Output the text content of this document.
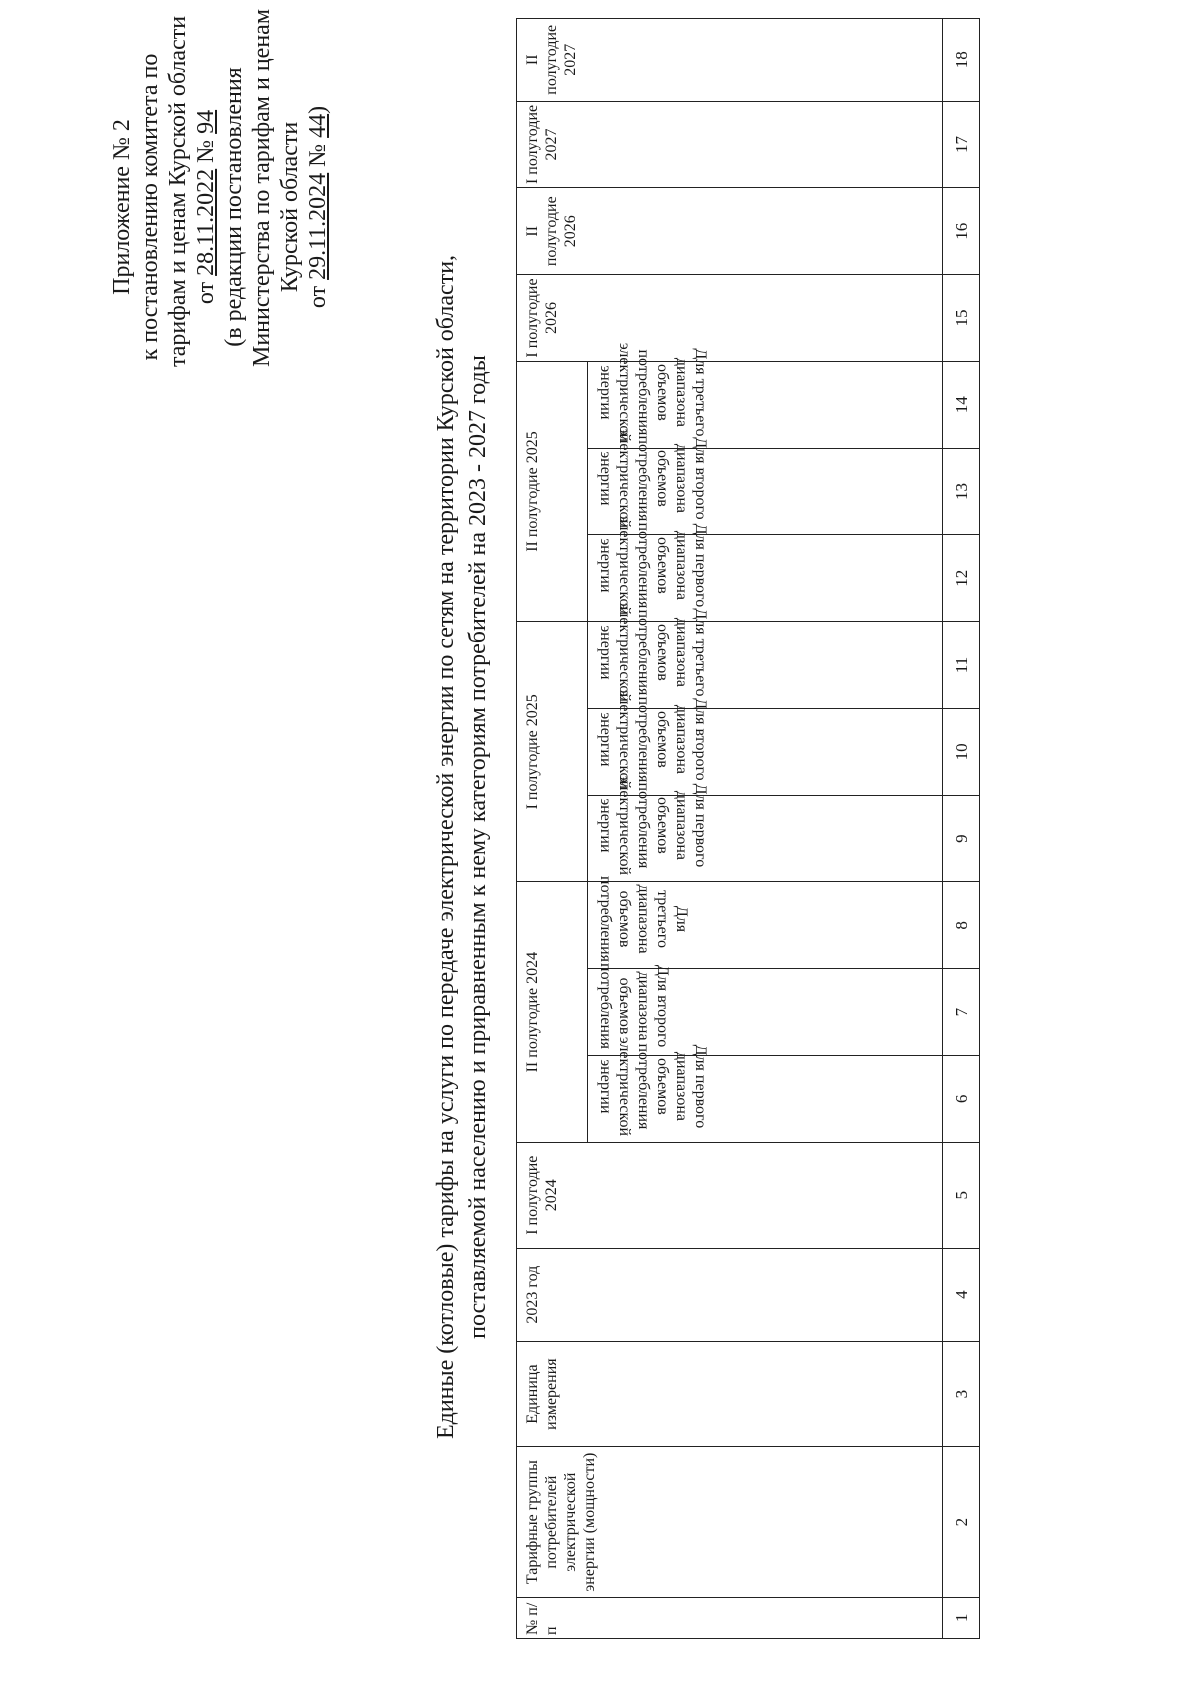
Приложение № 2 к постановлению комитета по тарифам и ценам Курской области от 28.11.2022 № 94 (в редакции постановления Министерства по тарифам и ценам Курской области
от 29.11.2024 № 44)
Единые (котловые) тарифы на услуги по передаче электрической энергии по сетям на территории Курской области, поставляемой населению и приравненным к нему категориям потребителей на 2023 - 2027 годы
№ п/п	Тарифные группы потребителей электрической энергии (мощности)	Единица измерения	2023 год	I полугодие 2024	II полугодие 2024			I полугодие 2025			II полугодие 2025			I полугодие 2026	II полугодие 2026	I полугодие 2027	II полугодие 2027
					Для первого диапазона объемов потребления электрической энергии	Для второго диапазона объемов потребления	Для третьего диапазона объемов потребления	Для первого диапазона объемов потребления электрической энергии	Для второго диапазона объемов потребления электрической энергии	Для третьего диапазона объемов потребления электрической энергии	Для первого диапазона объемов потребления электрической энергии	Для второго диапазона объемов потребления электрической энергии	Для третьего диапазона объемов потребления электрической энергии				
1	2	3	4	5	6	7	8	9	10	11	12	13	14	15	16	17	18
